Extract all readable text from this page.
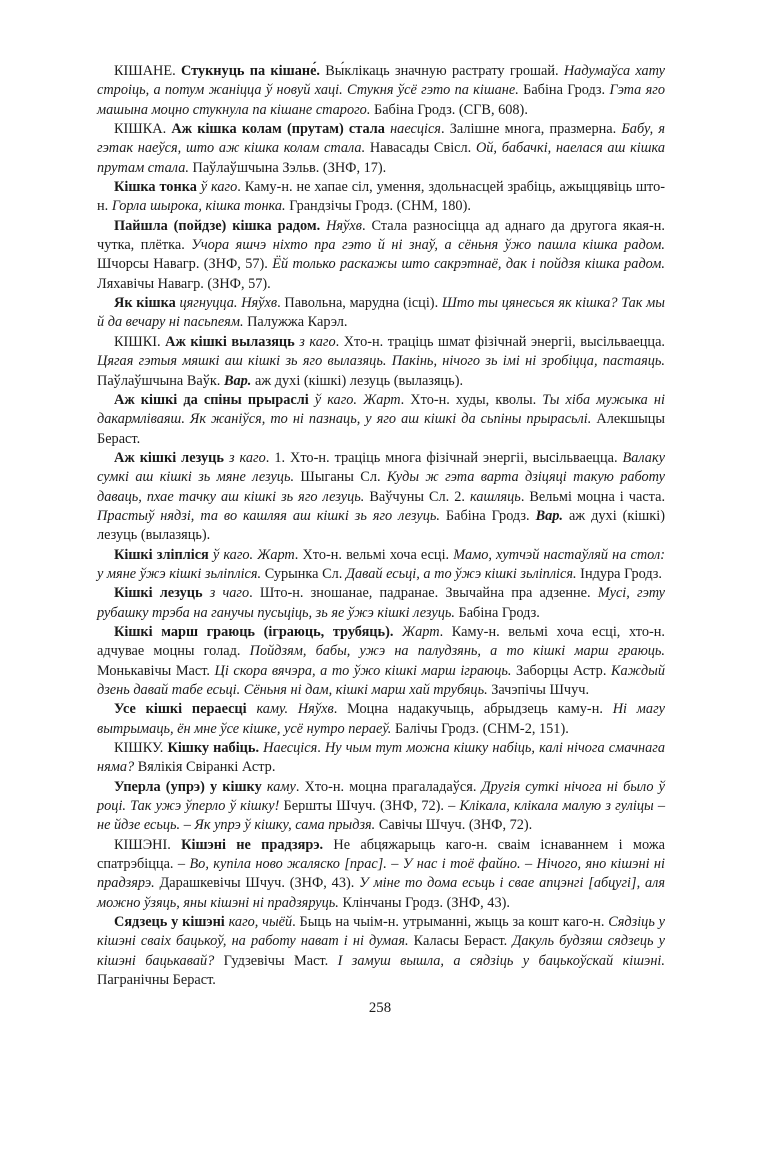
КІШАНЕ. Стукнуць па кішане́. Вы́клікаць значную растрату грошай. Надумаўса хату строіць, а потум жаніцца ў новуй хаці. Стукня ўсё гэто па кішане. Бабіна Гродз. Гэта яго машына моцно стукнула па кішане старого. Бабіна Гродз. (СГВ, 608).

КІШКА. Аж кішка колам (прутам) стала наесціся. Залішне многа, празмерна. Бабу, я гэтак наеўся, што аж кішка колам стала. Навасады Свісл. Ой, бабачкі, наелася аш кішка прутам стала. Паўлаўшчына Зэльв. (ЗНФ, 17).

Кішка тонка ў каго. Каму-н. не хапае сіл, умення, здольнасцей зрабіць, ажыццявіць што-н. Горла шырока, кішка тонка. Грандзічы Гродз. (СНМ, 180).

Пайшла (пойдзе) кішка радом. Няўхв. Стала разносіцца ад аднаго да другога якая-н. чутка, плётка. Учора яшчэ ніхто пра гэто й ні знаў, а сёньня ўжо пашла кішка радом. Шчорсы Навагр. (ЗНФ, 57). Ёй только раскажы што сакрэтнаё, дак і пойдзя кішка радом. Ляхавічы Навагр. (ЗНФ, 57).

Як кішка цягнуцца. Няўхв. Павольна, марудна (ісці). Што ты цянесься як кішка? Так мы й да вечару ні пасьпеям. Палужжа Карэл.

КІШКІ. Аж кішкі вылазяць з каго. Хто-н. траціць шмат фізічнай энергіі, высільваецца. Цягая гэтыя мяшкі аш кішкі зь яго вылазяць. Пакінь, нічого зь імі ні зробіцца, пастаяць. Паўлаўшчына Ваўк. Вар. аж духі (кішкі) лезуць (вылазяць).

Аж кішкі да спіны прыраслі ў каго. Жарт. Хто-н. худы, кволы. Ты хіба мужыка ні дакармліваяш. Як жаніўся, то ні пазнаць, у яго аш кішкі да сьпіны прырасьлі. Алекшыцы Бераст.

Аж кішкі лезуць з каго. 1. Хто-н. траціць многа фізічнай энергіі, высільваецца. Валаку сумкі аш кішкі зь мяне лезуць. Шыганы Сл. Куды ж гэта варта дзіцяці такую работу даваць, пхае тачку аш кішкі зь яго лезуць. Ваўчуны Сл. 2. кашляць. Вельмі моцна і часта. Прастыў нядзі, та во кашляя аш кішкі зь яго лезуць. Бабіна Гродз. Вар. аж духі (кішкі) лезуць (вылазяць).

Кішкі зліпліся ў каго. Жарт. Хто-н. вельмі хоча есці. Мамо, хутчэй настаўляй на стол: у мяне ўжэ кішкі зьліпліся. Сурынка Сл. Давай есьці, а то ўжэ кішкі зьліпліся. Індура Гродз.

Кішкі лезуць з чаго. Што-н. зношанае, падранае. Звычайна пра адзенне. Мусі, гэту рубашку трэба на ганучы пусьціць, зь яе ўжэ кішкі лезуць. Бабіна Гродз.

Кішкі марш граюць (іграюць, трубяць). Жарт. Каму-н. вельмі хоча есці, хто-н. адчувае моцны голад. Пойдзям, бабы, ужэ на палудзянь, а то кішкі марш граюць. Монькавічы Маст. Ці скора вячэра, а то ўжо кішкі марш іграюць. Заборцы Астр. Каждый дзень давай табе есьці. Сёньня ні дам, кішкі марш хай трубяць. Зачэпічы Шчуч.

Усе кішкі пераесці каму. Няўхв. Моцна надакучыць, абрыдзець каму-н. Ні магу вытрымаць, ён мне ўсе кішке, усё нутро пераеў. Балічы Гродз. (СНМ-2, 151).

КІШКУ. Кішку набіць. Наесціся. Ну чым тут можна кішку набіць, калі нічога смачнага няма? Вялікія Свіранкі Астр.

Уперла (упрэ) у кішку каму. Хто-н. моцна прагаладаўся. Другія суткі нічога ні было ў році. Так ужэ ўперло ў кішку! Бершты Шчуч. (ЗНФ, 72). – Клікала, клікала малую з гуліцы – не йдзе есьць. – Як упрэ ў кішку, сама прыдзя. Савічы Шчуч. (ЗНФ, 72).

КІШЭНІ. Кішэні не прадзярэ. Не абцяжарыць каго-н. сваім існаваннем і можа спатрэбіцца. – Во, купіла ново жаляско [прас]. – У нас і тоё файно. – Нічого, яно кішэні ні прадзярэ. Дарашкевічы Шчуч. (ЗНФ, 43). У міне то дома есьць і свае апцэнгі [абцугі], аля можно ўзяць, яны кішэні ні прадзяруць. Клінчаны Гродз. (ЗНФ, 43).

Сядзець у кішэні каго, чыёй. Быць на чыім-н. утрыманні, жыць за кошт каго-н. Сядзіць у кішэні сваіх бацькоў, на работу нават і ні думая. Каласы Бераст. Дакуль будзяш сядзець у кішэні бацькавай? Гудзевічы Маст. І замуш вышла, а сядзіць у бацькоўскай кішэні. Пагранічны Бераст.

258
